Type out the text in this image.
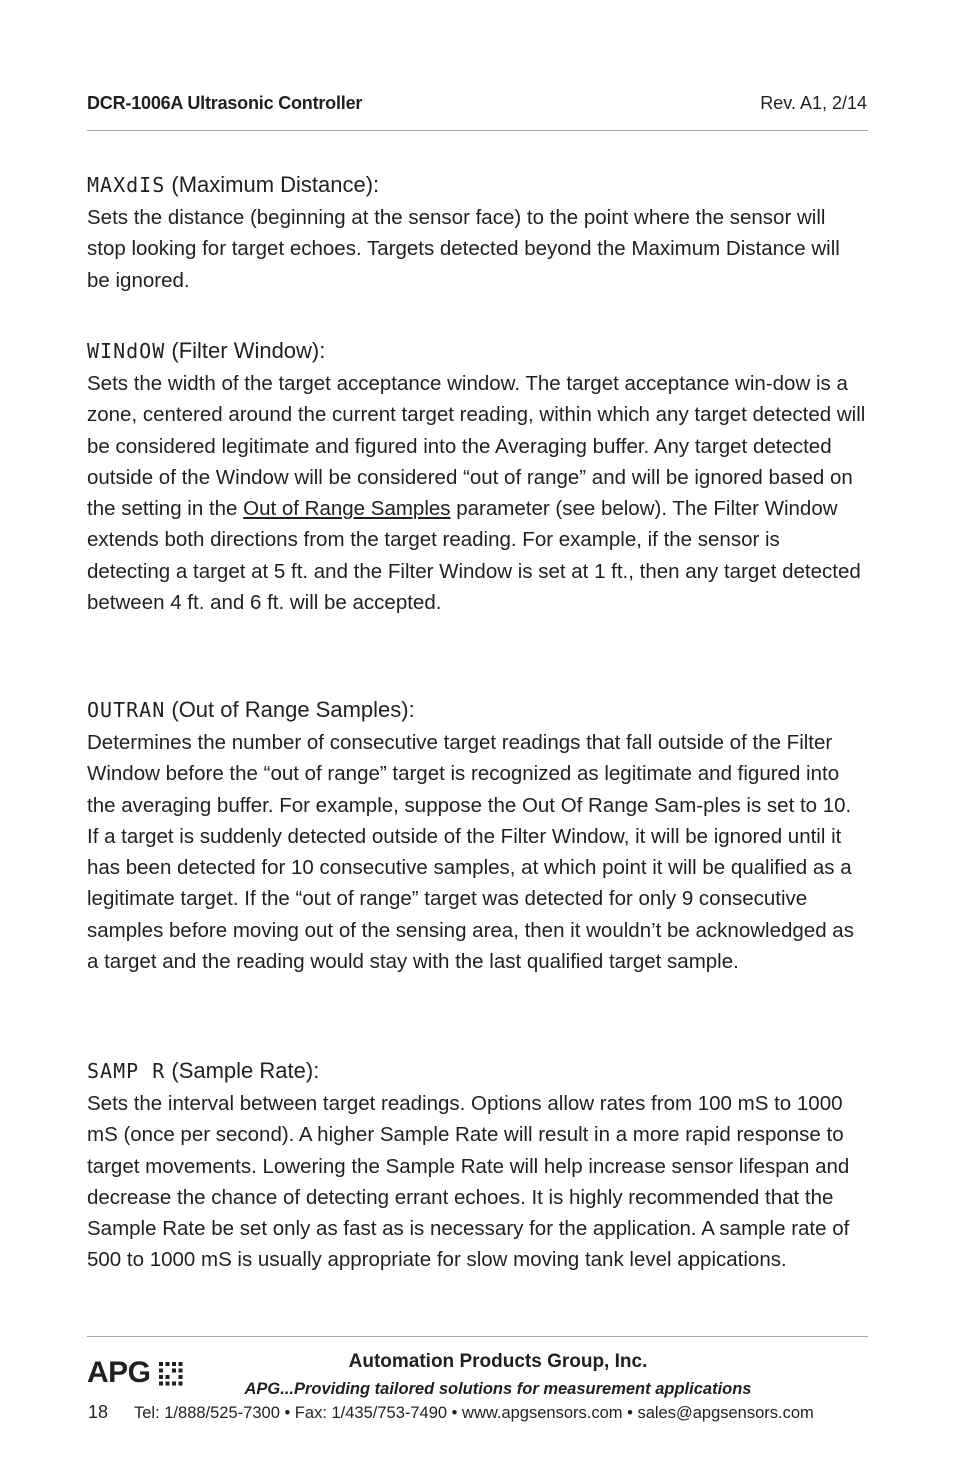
DCR-1006A Ultrasonic Controller	Rev. A1, 2/14
MAXdIS (Maximum Distance):
Sets the distance (beginning at the sensor face) to the point where the sensor will stop looking for target echoes. Targets detected beyond the Maximum Distance will be ignored.
WINdOW (Filter Window):
Sets the width of the target acceptance window. The target acceptance win-dow is a zone, centered around the current target reading, within which any target detected will be considered legitimate and figured into the Averaging buffer. Any target detected outside of the Window will be considered “out of range” and will be ignored based on the setting in the Out of Range Samples parameter (see below). The Filter Window extends both directions from the target reading. For example, if the sensor is detecting a target at 5 ft. and the Filter Window is set at 1 ft., then any target detected between 4 ft. and 6 ft. will be accepted.
OUTRAN (Out of Range Samples):
Determines the number of consecutive target readings that fall outside of the Filter Window before the “out of range” target is recognized as legitimate and figured into the averaging buffer. For example, suppose the Out Of Range Sam-ples is set to 10. If a target is suddenly detected outside of the Filter Window, it will be ignored until it has been detected for 10 consecutive samples, at which point it will be qualified as a legitimate target. If the “out of range” target was detected for only 9 consecutive samples before moving out of the sensing area, then it wouldn’t be acknowledged as a target and the reading would stay with the last qualified target sample.
SAMP R (Sample Rate):
Sets the interval between target readings. Options allow rates from 100 mS to 1000 mS (once per second). A higher Sample Rate will result in a more rapid response to target movements. Lowering the Sample Rate will help increase sensor lifespan and decrease the chance of detecting errant echoes. It is highly recommended that the Sample Rate be set only as fast as is necessary for the application. A sample rate of 500 to 1000 mS is usually appropriate for slow moving tank level appications.
APG	Automation Products Group, Inc.
APG...Providing tailored solutions for measurement applications
18 Tel: 1/888/525-7300 • Fax: 1/435/753-7490 • www.apgsensors.com • sales@apgsensors.com
